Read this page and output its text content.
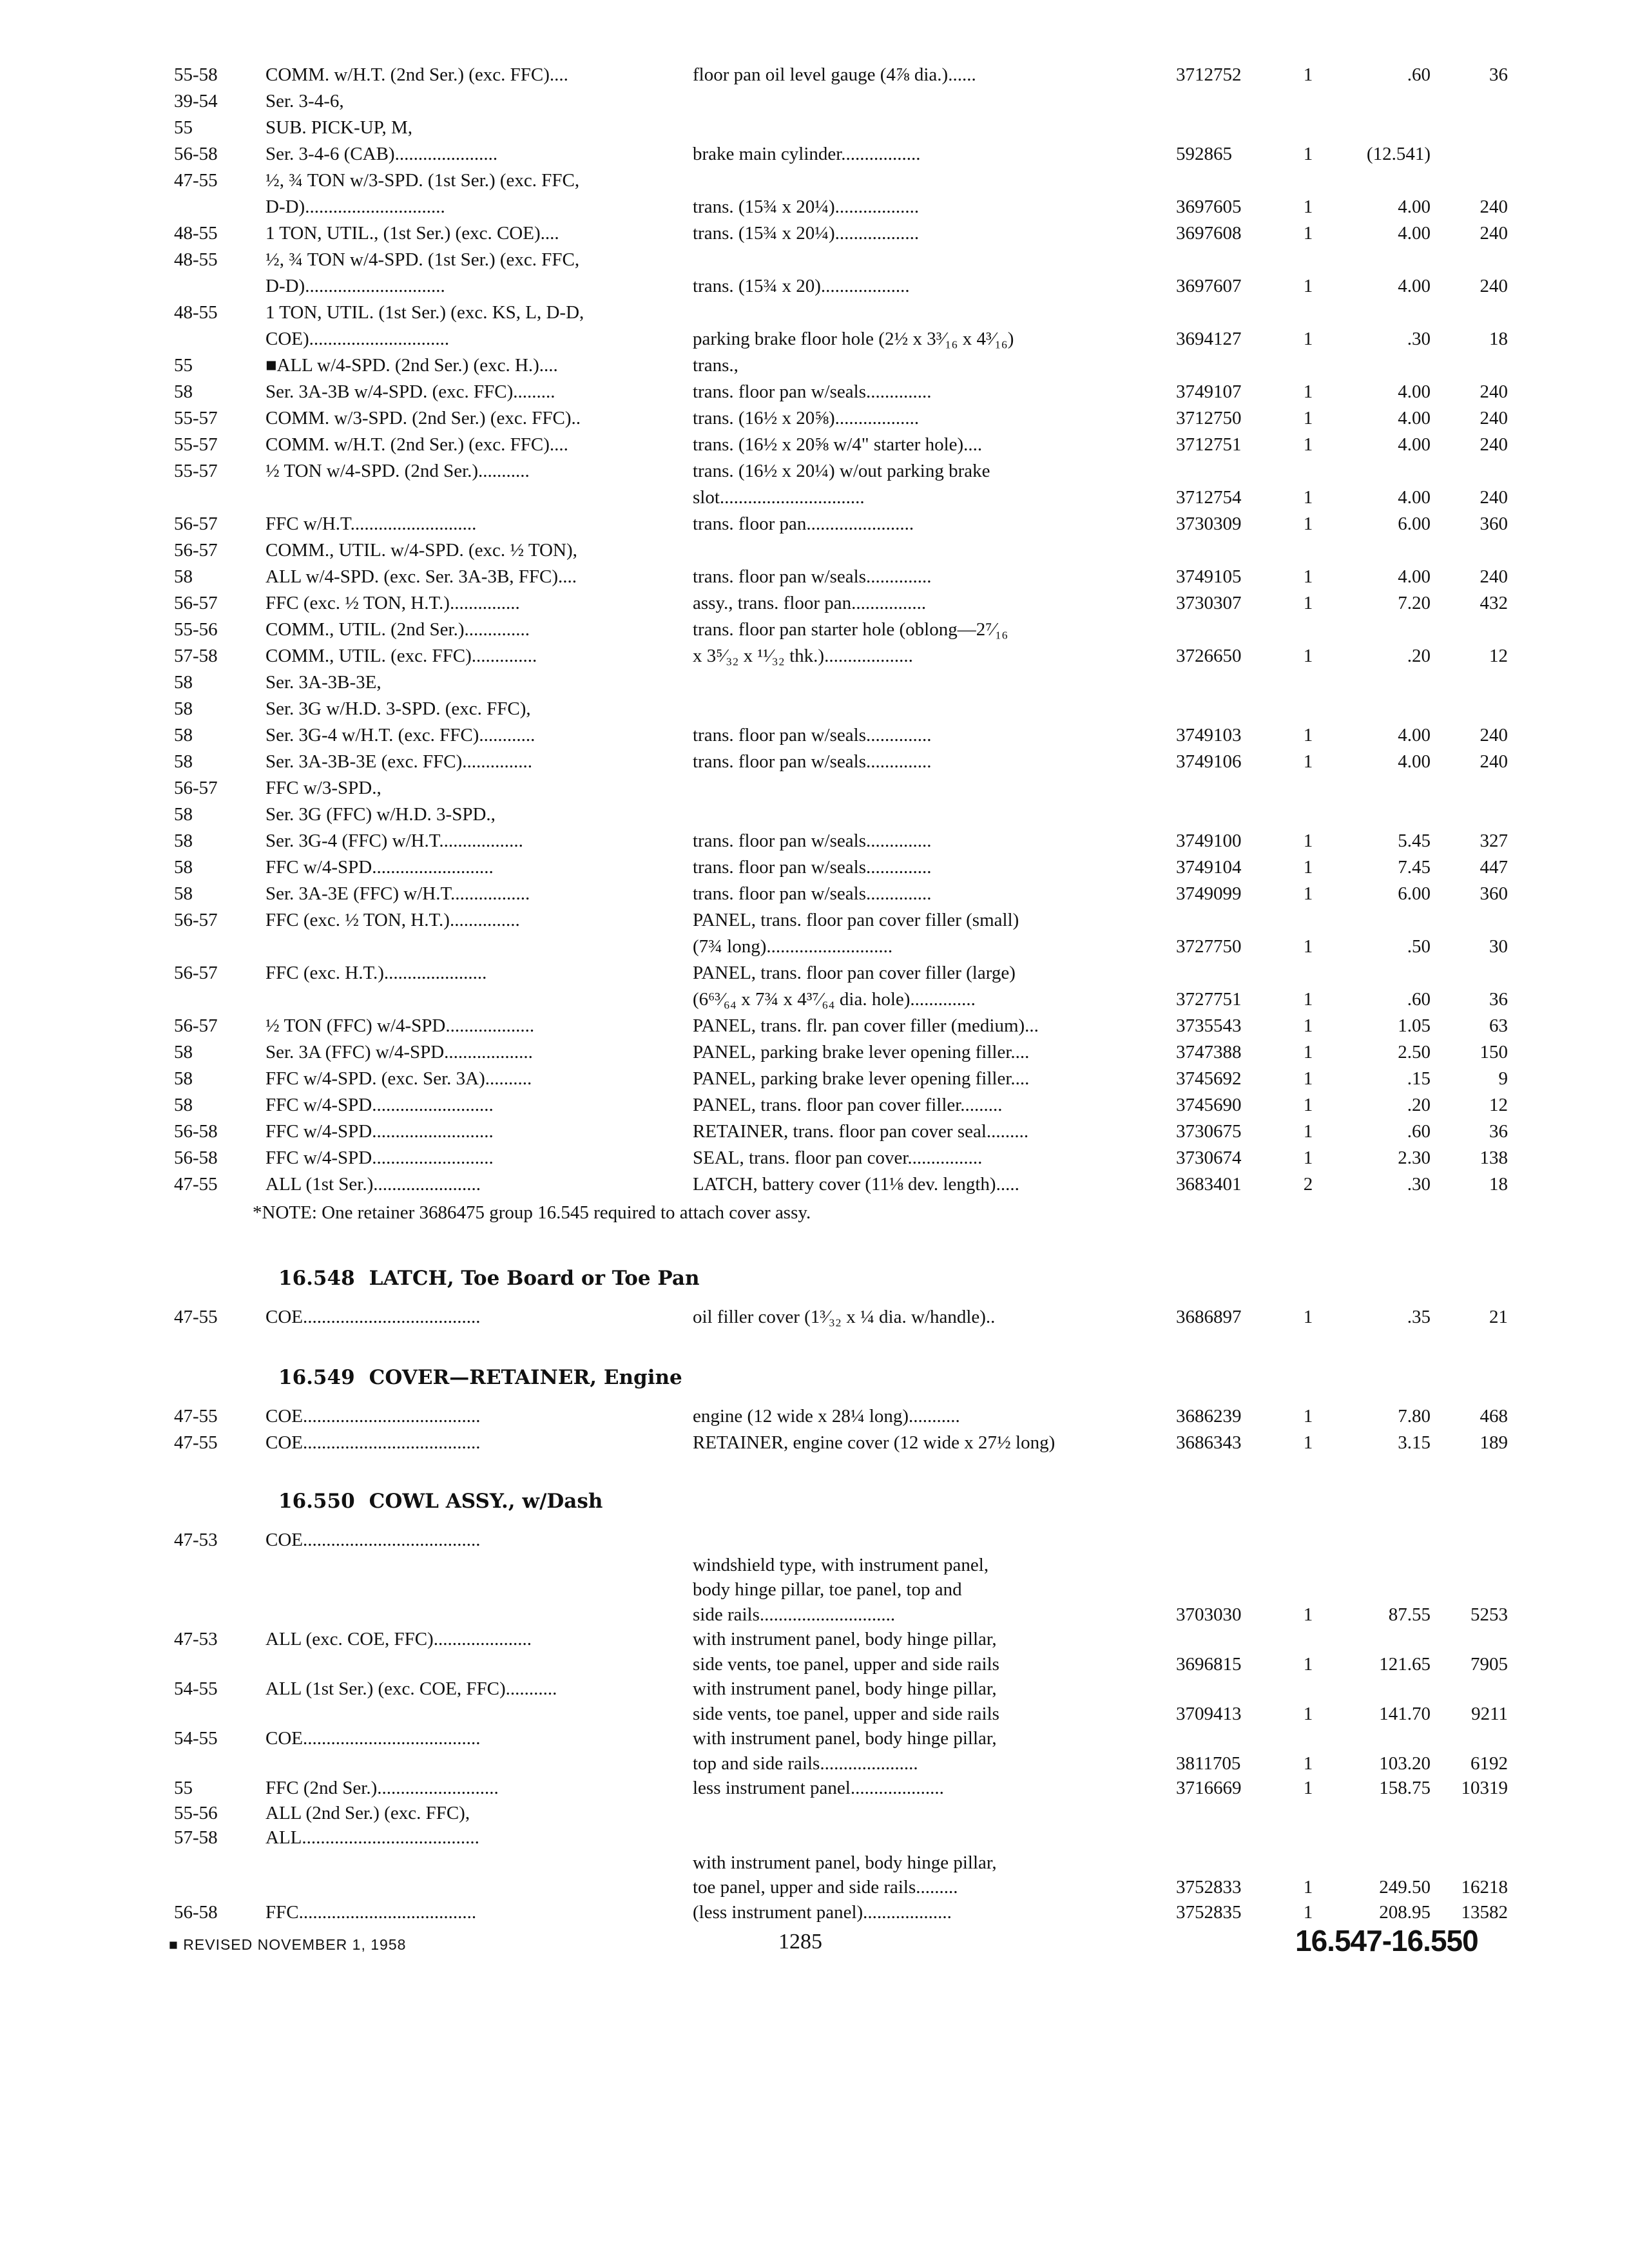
55-58	COMM. w/H.T. (2nd Ser.) (exc. FFC)....	floor pan oil level gauge (4⅞ dia.)......	3712752	1	.60	36
39-54	Ser. 3-4-6,
55	SUB. PICK-UP, M,
56-58	Ser. 3-4-6 (CAB)......................	brake main cylinder.................	592865	1	(12.541)
47-55	½, ¾ TON w/3-SPD. (1st Ser.) (exc. FFC,
D-D)..............................	trans. (15¾ x 20¼)..................	3697605	1	4.00	240
48-55	1 TON, UTIL., (1st Ser.) (exc. COE)....	trans. (15¾ x 20¼)..................	3697608	1	4.00	240
48-55	½, ¾ TON w/4-SPD. (1st Ser.) (exc. FFC,
D-D)..............................	trans. (15¾ x 20)...................	3697607	1	4.00	240
48-55	1 TON, UTIL. (1st Ser.) (exc. KS, L, D-D,
COE)..............................	parking brake floor hole (2½ x 3³⁄₁₆ x 4³⁄₁₆)	3694127	1	.30	18
55	■ALL w/4-SPD. (2nd Ser.) (exc. H.)....	trans.,
58	Ser. 3A-3B w/4-SPD. (exc. FFC).........	trans. floor pan w/seals..............	3749107	1	4.00	240
55-57	COMM. w/3-SPD. (2nd Ser.) (exc. FFC)..	trans. (16½ x 20⅝)..................	3712750	1	4.00	240
55-57	COMM. w/H.T. (2nd Ser.) (exc. FFC)....	trans. (16½ x 20⅝ w/4" starter hole)....	3712751	1	4.00	240
55-57	½ TON w/4-SPD. (2nd Ser.)...........	trans. (16½ x 20¼) w/out parking brake
slot...............................	3712754	1	4.00	240
56-57	FFC w/H.T...........................	trans. floor pan.......................	3730309	1	6.00	360
56-57	COMM., UTIL. w/4-SPD. (exc. ½ TON),
58	ALL w/4-SPD. (exc. Ser. 3A-3B, FFC)....	trans. floor pan w/seals..............	3749105	1	4.00	240
56-57	FFC (exc. ½ TON, H.T.)...............	assy., trans. floor pan................	3730307	1	7.20	432
55-56	COMM., UTIL. (2nd Ser.)..............	trans. floor pan starter hole (oblong—2⁷⁄₁₆
57-58	COMM., UTIL. (exc. FFC)..............	x 3⁵⁄₃₂ x ¹¹⁄₃₂ thk.)...................	3726650	1	.20	12
58	Ser. 3A-3B-3E,
58	Ser. 3G w/H.D. 3-SPD. (exc. FFC),
58	Ser. 3G-4 w/H.T. (exc. FFC)............	trans. floor pan w/seals..............	3749103	1	4.00	240
58	Ser. 3A-3B-3E (exc. FFC)...............	trans. floor pan w/seals..............	3749106	1	4.00	240
56-57	FFC w/3-SPD.,
58	Ser. 3G (FFC) w/H.D. 3-SPD.,
58	Ser. 3G-4 (FFC) w/H.T..................	trans. floor pan w/seals..............	3749100	1	5.45	327
58	FFC w/4-SPD..........................	trans. floor pan w/seals..............	3749104	1	7.45	447
58	Ser. 3A-3E (FFC) w/H.T.................	trans. floor pan w/seals..............	3749099	1	6.00	360
56-57	FFC (exc. ½ TON, H.T.)...............	PANEL, trans. floor pan cover filler (small)
(7¾ long)...........................	3727750	1	.50	30
56-57	FFC (exc. H.T.)......................	PANEL, trans. floor pan cover filler (large)
(6⁶³⁄₆₄ x 7¾ x 4³⁷⁄₆₄ dia. hole)..............	3727751	1	.60	36
56-57	½ TON (FFC) w/4-SPD...................	PANEL, trans. flr. pan cover filler (medium)...	3735543	1	1.05	63
58	Ser. 3A (FFC) w/4-SPD...................	PANEL, parking brake lever opening filler....	3747388	1	2.50	150
58	FFC w/4-SPD. (exc. Ser. 3A)..........	PANEL, parking brake lever opening filler....	3745692	1	.15	9
58	FFC w/4-SPD..........................	PANEL, trans. floor pan cover filler.........	3745690	1	.20	12
56-58	FFC w/4-SPD..........................	RETAINER, trans. floor pan cover seal.........	3730675	1	.60	36
56-58	FFC w/4-SPD..........................	SEAL, trans. floor pan cover................	3730674	1	2.30	138
47-55	ALL (1st Ser.).......................	LATCH, battery cover (11⅛ dev. length).....	3683401	2	.30	18
*NOTE: One retainer 3686475 group 16.545 required to attach cover assy.
16.548 LATCH, Toe Board or Toe Pan
47-55	COE......................................	oil filler cover (1³⁄₃₂ x ¼ dia. w/handle)..	3686897	1	.35	21
16.549 COVER—RETAINER, Engine
47-55	COE......................................	engine (12 wide x 28¼ long)...........	3686239	1	7.80	468
47-55	COE......................................	RETAINER, engine cover (12 wide x 27½ long)	3686343	1	3.15	189
16.550 COWL ASSY., w/Dash
47-53	COE......................................
windshield type, with instrument panel,
body hinge pillar, toe panel, top and
side rails.............................	3703030	1	87.55	5253
47-53	ALL (exc. COE, FFC).....................	with instrument panel, body hinge pillar,
side vents, toe panel, upper and side rails	3696815	1	121.65	7905
54-55	ALL (1st Ser.) (exc. COE, FFC)...........	with instrument panel, body hinge pillar,
side vents, toe panel, upper and side rails	3709413	1	141.70	9211
54-55	COE......................................	with instrument panel, body hinge pillar,
top and side rails.....................	3811705	1	103.20	6192
55	FFC (2nd Ser.)..........................	less instrument panel....................	3716669	1	158.75	10319
55-56	ALL (2nd Ser.) (exc. FFC),
57-58	ALL......................................
with instrument panel, body hinge pillar,
toe panel, upper and side rails.........	3752833	1	249.50	16218
56-58	FFC......................................	(less instrument panel)...................	3752835	1	208.95	13582
■ REVISED NOVEMBER 1, 1958	1285	16.547-16.550
